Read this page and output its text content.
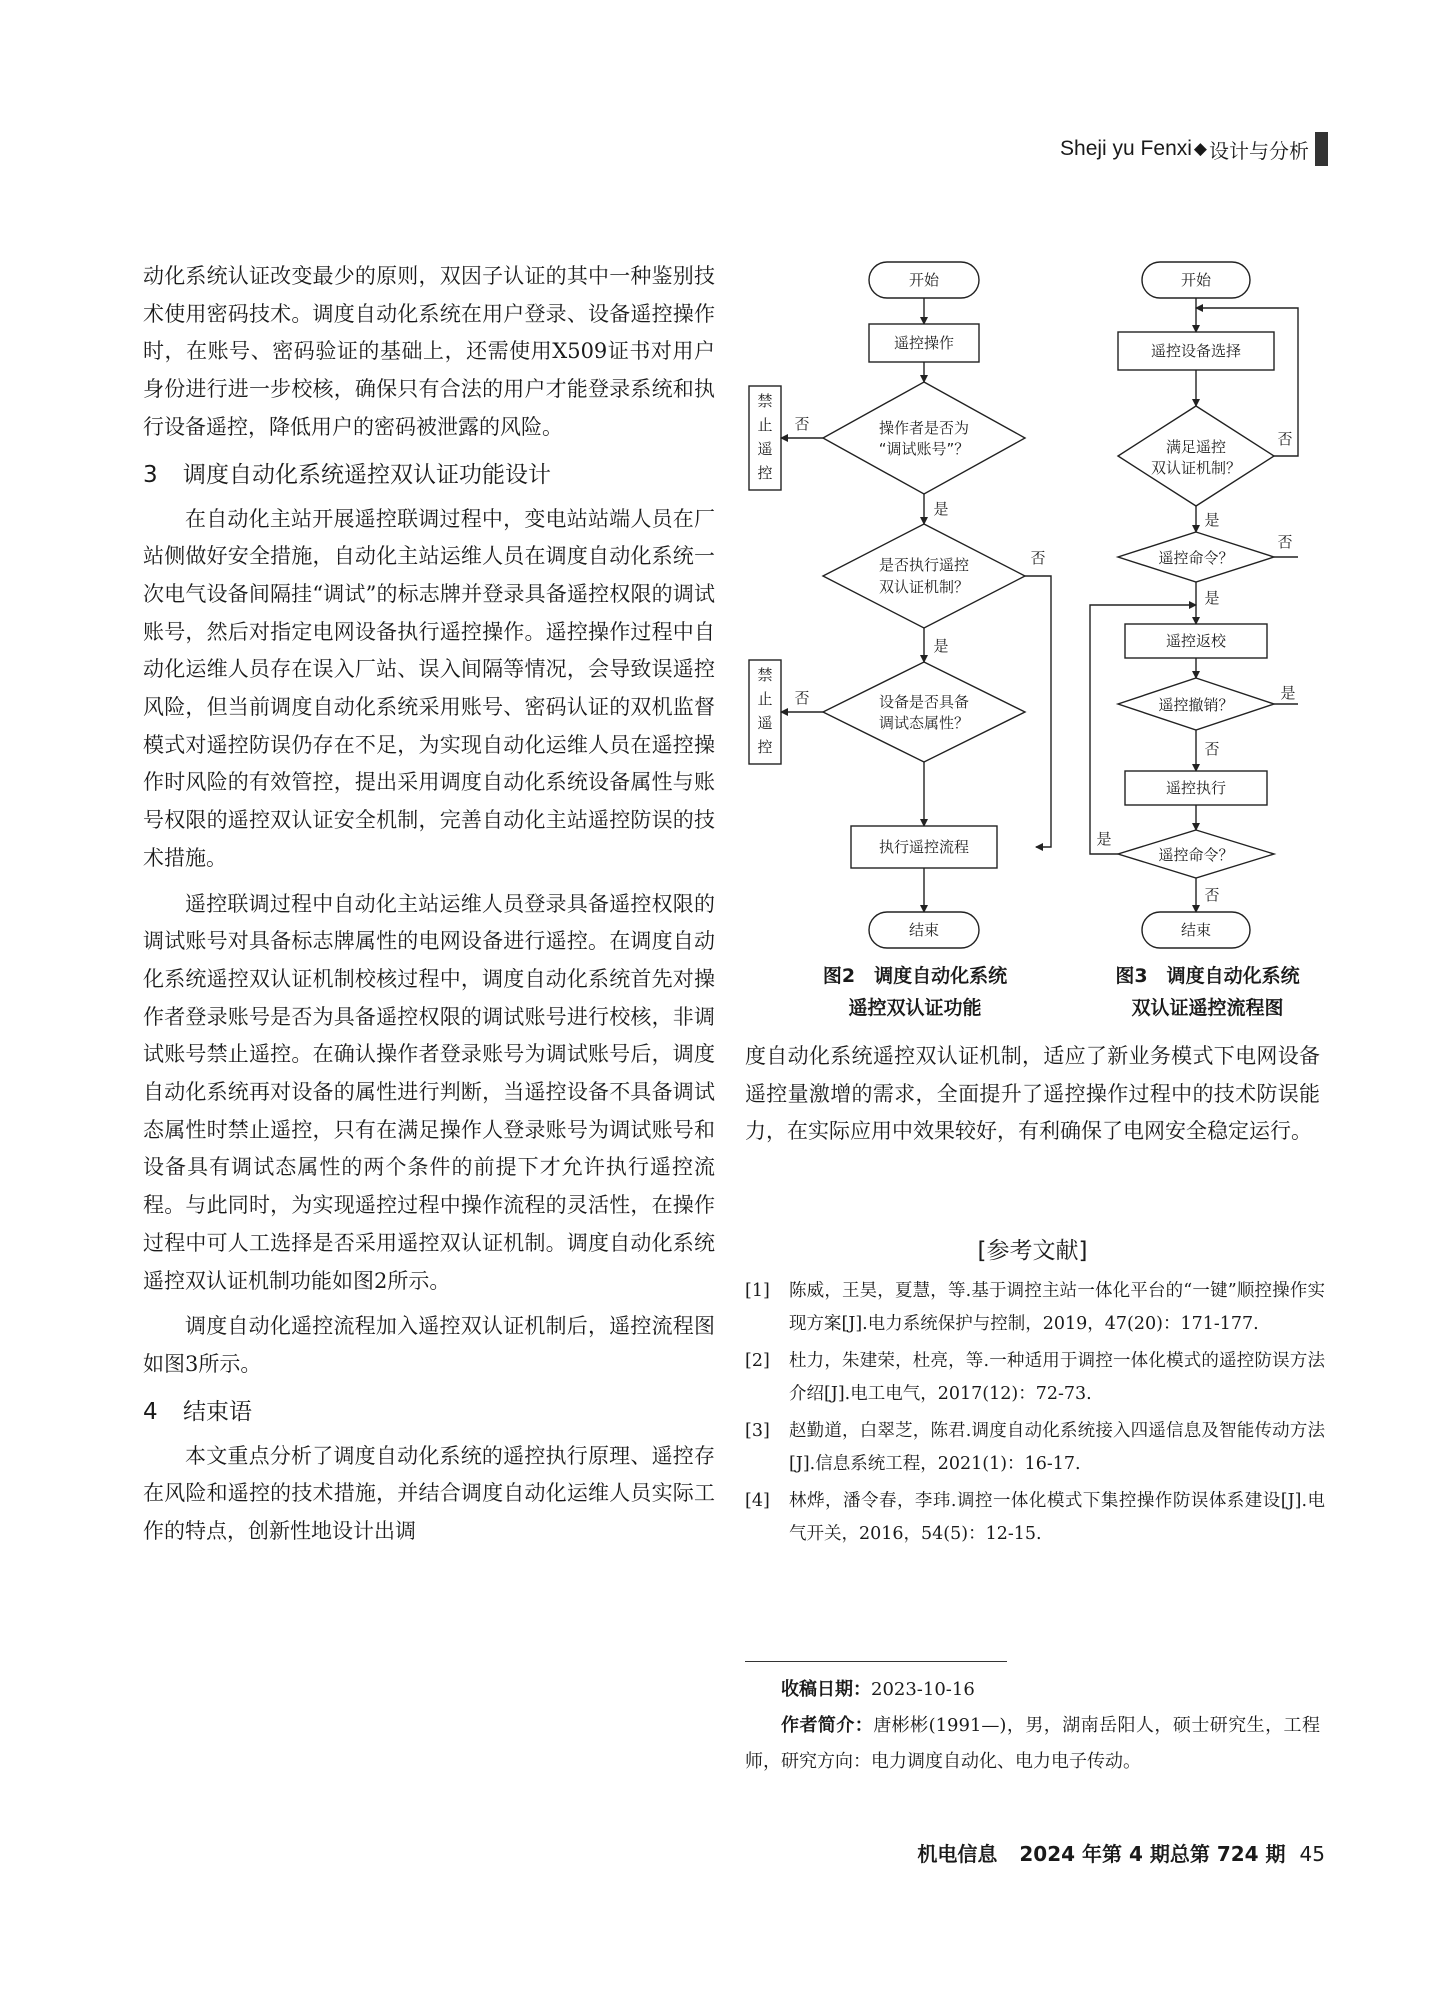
Sheji yu Fenxi ◆ 设计与分析

动化系统认证改变最少的原则，双因子认证的其中一种鉴别技术使用密码技术。调度自动化系统在用户登录、设备遥控操作时，在账号、密码验证的基础上，还需使用X509证书对用户身份进行进一步校核，确保只有合法的用户才能登录系统和执行设备遥控，降低用户的密码被泄露的风险。

3 调度自动化系统遥控双认证功能设计

在自动化主站开展遥控联调过程中，变电站站端人员在厂站侧做好安全措施，自动化主站运维人员在调度自动化系统一次电气设备间隔挂“调试”的标志牌并登录具备遥控权限的调试账号，然后对指定电网设备执行遥控操作。遥控操作过程中自动化运维人员存在误入厂站、误入间隔等情况，会导致误遥控风险，但当前调度自动化系统采用账号、密码认证的双机监督模式对遥控防误仍存在不足，为实现自动化运维人员在遥控操作时风险的有效管控，提出采用调度自动化系统设备属性与账号权限的遥控双认证安全机制，完善自动化主站遥控防误的技术措施。

遥控联调过程中自动化主站运维人员登录具备遥控权限的调试账号对具备标志牌属性的电网设备进行遥控。在调度自动化系统遥控双认证机制校核过程中，调度自动化系统首先对操作者登录账号是否为具备遥控权限的调试账号进行校核，非调试账号禁止遥控。在确认操作者登录账号为调试账号后，调度自动化系统再对设备的属性进行判断，当遥控设备不具备调试态属性时禁止遥控，只有在满足操作人登录账号为调试账号和设备具有调试态属性的两个条件的前提下才允许执行遥控流程。与此同时，为实现遥控过程中操作流程的灵活性，在操作过程中可人工选择是否采用遥控双认证机制。调度自动化系统遥控双认证机制功能如图2所示。

调度自动化遥控流程加入遥控双认证机制后，遥控流程图如图3所示。

4 结束语

本文重点分析了调度自动化系统的遥控执行原理、遥控存在风险和遥控的技术措施，并结合调度自动化运维人员实际工作的特点，创新性地设计出调

开始
遥控操作
操作者是否为
“调试账号”？
禁
止
遥
控
否
是
是否执行遥控
双认证机制？
否
是
设备是否具备
调试态属性？
禁
止
遥
控
否
执行遥控流程
结束
开始
遥控设备选择
满足遥控
双认证机制？
否
是
遥控命令？
否
是
遥控返校
遥控撤销？
是
否
遥控执行
遥控命令？
是
否
结束
图2　调度自动化系统
遥控双认证功能
图3　调度自动化系统
双认证遥控流程图

度自动化系统遥控双认证机制，适应了新业务模式下电网设备遥控量激增的需求，全面提升了遥控操作过程中的技术防误能力，在实际应用中效果较好，有利确保了电网安全稳定运行。

[参考文献]
[1]	陈威，王昊，夏慧，等.基于调控主站一体化平台的“一键”顺控操作实现方案[J].电力系统保护与控制，2019，47(20)：171-177.
[2]	杜力，朱建荣，杜亮，等.一种适用于调控一体化模式的遥控防误方法介绍[J].电工电气，2017(12)：72-73.
[3]	赵勤道，白翠芝，陈君.调度自动化系统接入四遥信息及智能传动方法[J].信息系统工程，2021(1)：16-17.
[4]	林烨，潘令春，李玮.调控一体化模式下集控操作防误体系建设[J].电气开关，2016，54(5)：12-15.

收稿日期：2023-10-16

作者简介：唐彬彬(1991—)，男，湖南岳阳人，硕士研究生，工程师，研究方向：电力调度自动化、电力电子传动。

机电信息 2024 年第 4 期总第 724 期 45
